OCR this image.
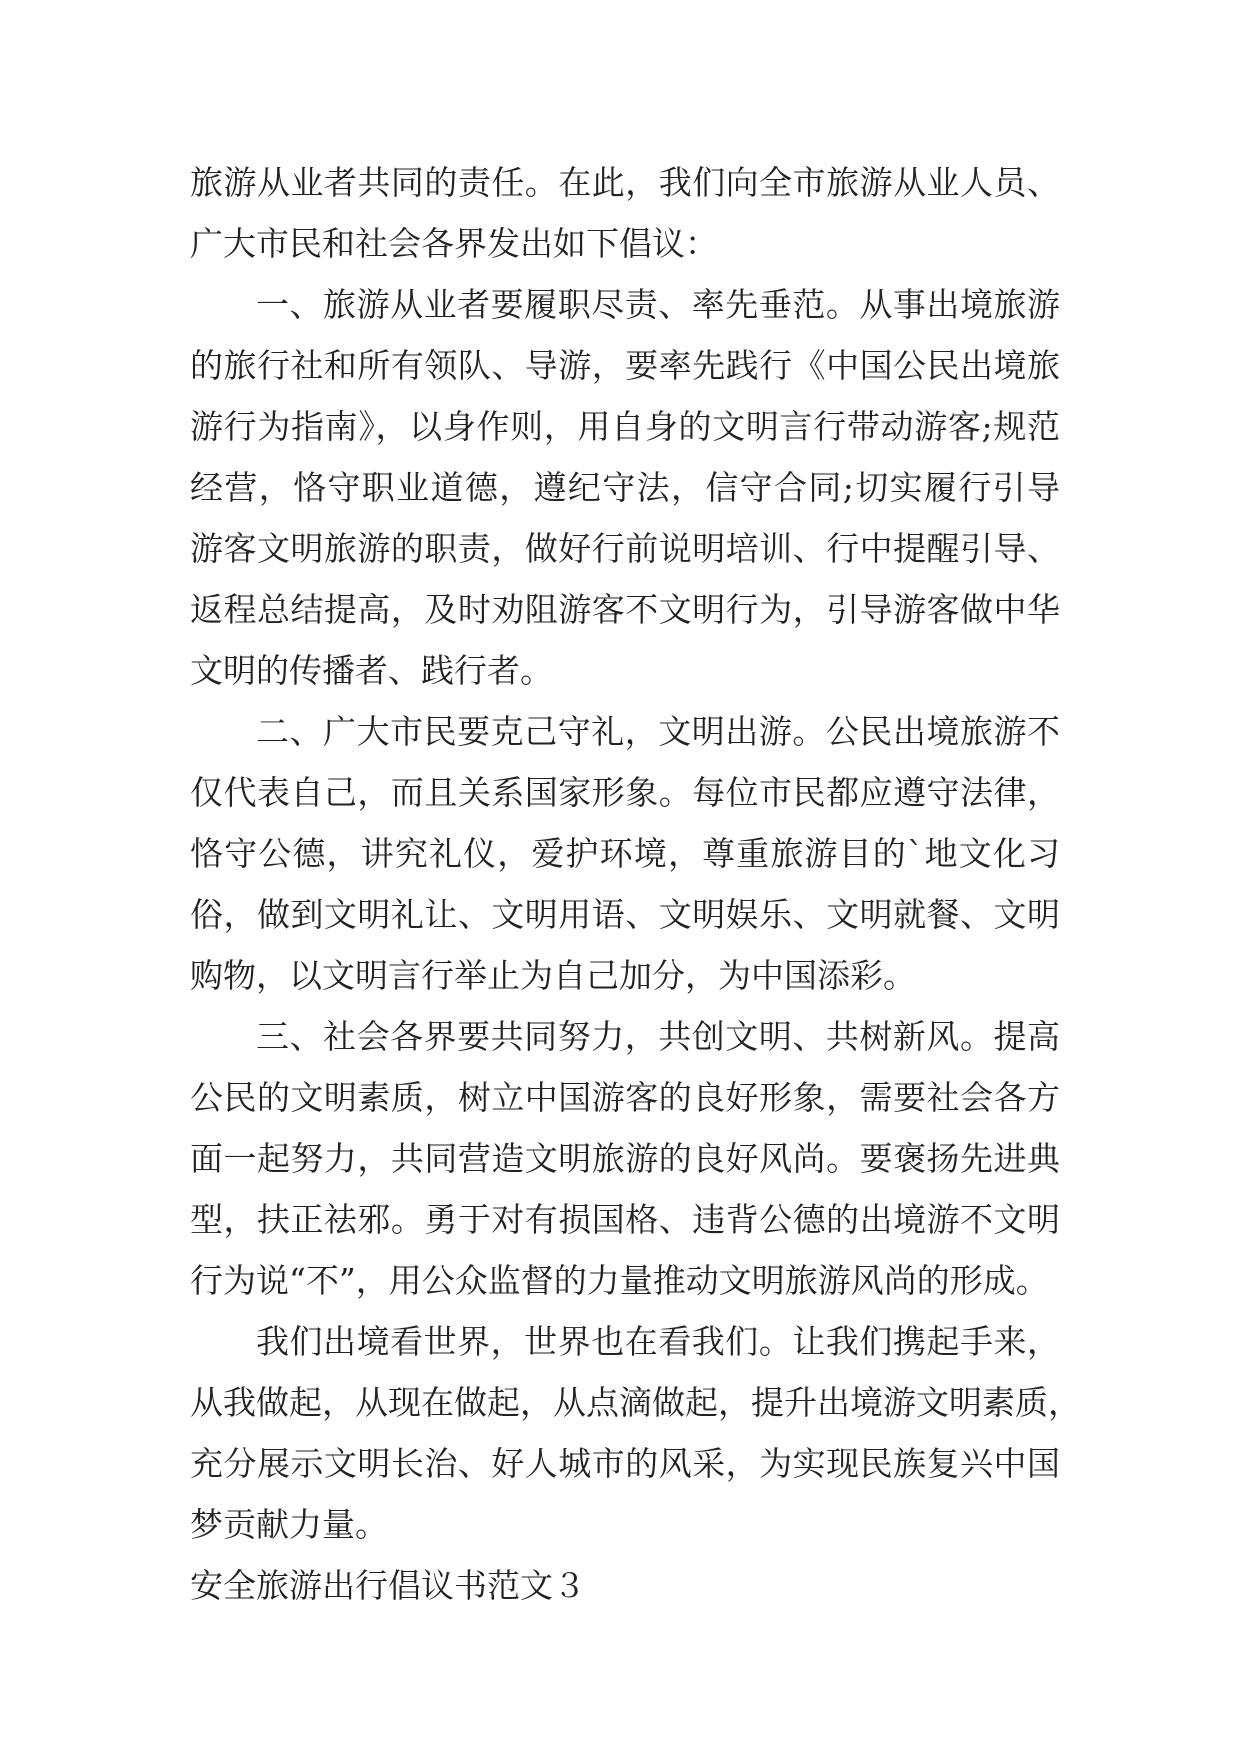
旅游从业者共同的责任。在此，我们向全市旅游从业人员、
广大市民和社会各界发出如下倡议：
一、旅游从业者要履职尽责、率先垂范。从事出境旅游
的旅行社和所有领队、导游，要率先践行《中国公民出境旅
游行为指南》，以身作则，用自身的文明言行带动游客;规范
经营，恪守职业道德，遵纪守法，信守合同;切实履行引导
游客文明旅游的职责，做好行前说明培训、行中提醒引导、
返程总结提高，及时劝阻游客不文明行为，引导游客做中华
文明的传播者、践行者。
二、广大市民要克己守礼，文明出游。公民出境旅游不
仅代表自己，而且关系国家形象。每位市民都应遵守法律，
恪守公德，讲究礼仪，爱护环境，尊重旅游目的`地文化习
俗，做到文明礼让、文明用语、文明娱乐、文明就餐、文明
购物，以文明言行举止为自己加分，为中国添彩。
三、社会各界要共同努力，共创文明、共树新风。提高
公民的文明素质，树立中国游客的良好形象，需要社会各方
面一起努力，共同营造文明旅游的良好风尚。要褒扬先进典
型，扶正祛邪。勇于对有损国格、违背公德的出境游不文明
行为说“不”，用公众监督的力量推动文明旅游风尚的形成。
我们出境看世界，世界也在看我们。让我们携起手来，
从我做起，从现在做起，从点滴做起，提升出境游文明素质，
充分展示文明长治、好人城市的风采，为实现民族复兴中国
梦贡献力量。
安全旅游出行倡议书范文３
